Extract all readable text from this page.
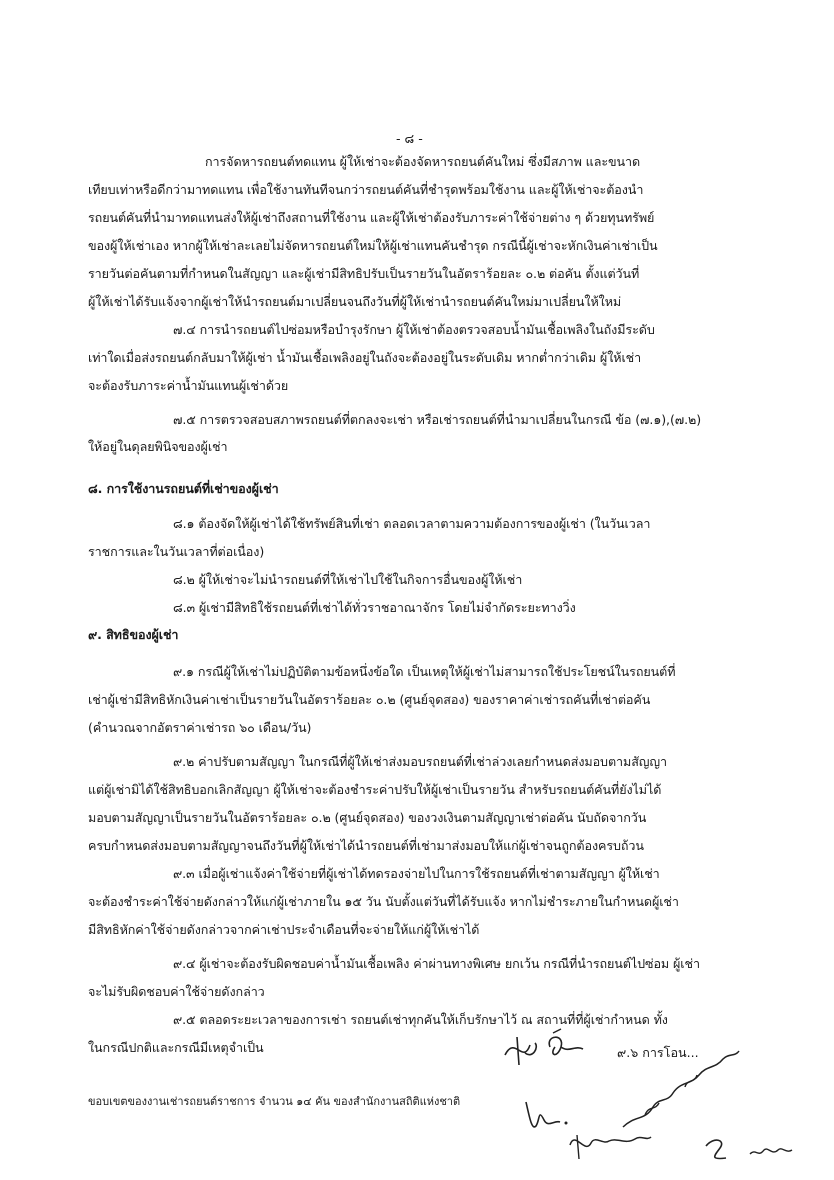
- ๘ -
การจัดหารถยนต์ทดแทน ผู้ให้เช่าจะต้องจัดหารถยนต์คันใหม่ ซึ่งมีสภาพ และขนาด
เทียบเท่าหรือดีกว่ามาทดแทน เพื่อใช้งานทันทีจนกว่ารถยนต์คันที่ชำรุดพร้อมใช้งาน และผู้ให้เช่าจะต้องนำ
รถยนต์คันที่นำมาทดแทนส่งให้ผู้เช่าถึงสถานที่ใช้งาน และผู้ให้เช่าต้องรับภาระค่าใช้จ่ายต่าง ๆ ด้วยทุนทรัพย์
ของผู้ให้เช่าเอง หากผู้ให้เช่าละเลยไม่จัดหารถยนต์ใหม่ให้ผู้เช่าแทนคันชำรุด กรณีนี้ผู้เช่าจะหักเงินค่าเช่าเป็น
รายวันต่อคันตามที่กำหนดในสัญญา และผู้เช่ามีสิทธิปรับเป็นรายวันในอัตราร้อยละ ๐.๒ ต่อคัน ตั้งแต่วันที่
ผู้ให้เช่าได้รับแจ้งจากผู้เช่าให้นำรถยนต์มาเปลี่ยนจนถึงวันที่ผู้ให้เช่านำรถยนต์คันใหม่มาเปลี่ยนให้ใหม่
๗.๔ การนำรถยนต์ไปซ่อมหรือบำรุงรักษา ผู้ให้เช่าต้องตรวจสอบน้ำมันเชื้อเพลิงในถังมีระดับ
เท่าใดเมื่อส่งรถยนต์กลับมาให้ผู้เช่า น้ำมันเชื้อเพลิงอยู่ในถังจะต้องอยู่ในระดับเดิม หากต่ำกว่าเดิม ผู้ให้เช่า
จะต้องรับภาระค่าน้ำมันแทนผู้เช่าด้วย
๗.๕ การตรวจสอบสภาพรถยนต์ที่ตกลงจะเช่า หรือเช่ารถยนต์ที่นำมาเปลี่ยนในกรณี ข้อ (๗.๑),(๗.๒)
ให้อยู่ในดุลยพินิจของผู้เช่า
๘. การใช้งานรถยนต์ที่เช่าของผู้เช่า
๘.๑ ต้องจัดให้ผู้เช่าได้ใช้ทรัพย์สินที่เช่า ตลอดเวลาตามความต้องการของผู้เช่า (ในวันเวลา
ราชการและในวันเวลาที่ต่อเนื่อง)
๘.๒ ผู้ให้เช่าจะไม่นำรถยนต์ที่ให้เช่าไปใช้ในกิจการอื่นของผู้ให้เช่า
๘.๓ ผู้เช่ามีสิทธิใช้รถยนต์ที่เช่าได้ทั่วราชอาณาจักร โดยไม่จำกัดระยะทางวิ่ง
๙. สิทธิของผู้เช่า
๙.๑ กรณีผู้ให้เช่าไม่ปฏิบัติตามข้อหนึ่งข้อใด เป็นเหตุให้ผู้เช่าไม่สามารถใช้ประโยชน์ในรถยนต์ที่
เช่าผู้เช่ามีสิทธิหักเงินค่าเช่าเป็นรายวันในอัตราร้อยละ ๐.๒ (ศูนย์จุดสอง) ของราคาค่าเช่ารถคันที่เช่าต่อคัน
(คำนวณจากอัตราค่าเช่ารถ ๖๐ เดือน/วัน)
๙.๒ ค่าปรับตามสัญญา ในกรณีที่ผู้ให้เช่าส่งมอบรถยนต์ที่เช่าล่วงเลยกำหนดส่งมอบตามสัญญา
แต่ผู้เช่ามิได้ใช้สิทธิบอกเลิกสัญญา ผู้ให้เช่าจะต้องชำระค่าปรับให้ผู้เช่าเป็นรายวัน สำหรับรถยนต์คันที่ยังไม่ได้
มอบตามสัญญาเป็นรายวันในอัตราร้อยละ ๐.๒ (ศูนย์จุดสอง) ของวงเงินตามสัญญาเช่าต่อคัน นับถัดจากวัน
ครบกำหนดส่งมอบตามสัญญาจนถึงวันที่ผู้ให้เช่าได้นำรถยนต์ที่เช่ามาส่งมอบให้แก่ผู้เช่าจนถูกต้องครบถ้วน
๙.๓ เมื่อผู้เช่าแจ้งค่าใช้จ่ายที่ผู้เช่าได้ทดรองจ่ายไปในการใช้รถยนต์ที่เช่าตามสัญญา ผู้ให้เช่า
จะต้องชำระค่าใช้จ่ายดังกล่าวให้แก่ผู้เช่าภายใน ๑๕ วัน นับตั้งแต่วันที่ได้รับแจ้ง หากไม่ชำระภายในกำหนดผู้เช่า
มีสิทธิหักค่าใช้จ่ายดังกล่าวจากค่าเช่าประจำเดือนที่จะจ่ายให้แก่ผู้ให้เช่าได้
๙.๔ ผู้เช่าจะต้องรับผิดชอบค่าน้ำมันเชื้อเพลิง ค่าผ่านทางพิเศษ ยกเว้น กรณีที่นำรถยนต์ไปซ่อม ผู้เช่า
จะไม่รับผิดชอบค่าใช้จ่ายดังกล่าว
๙.๕ ตลอดระยะเวลาของการเช่า รถยนต์เช่าทุกคันให้เก็บรักษาไว้ ณ สถานที่ที่ผู้เช่ากำหนด ทั้ง
ในกรณีปกติและกรณีมีเหตุจำเป็น	๙.๖ การโอน...
ขอบเขตของงานเช่ารถยนต์ราชการ จำนวน ๑๔ คัน ของสำนักงานสถิติแห่งชาติ
